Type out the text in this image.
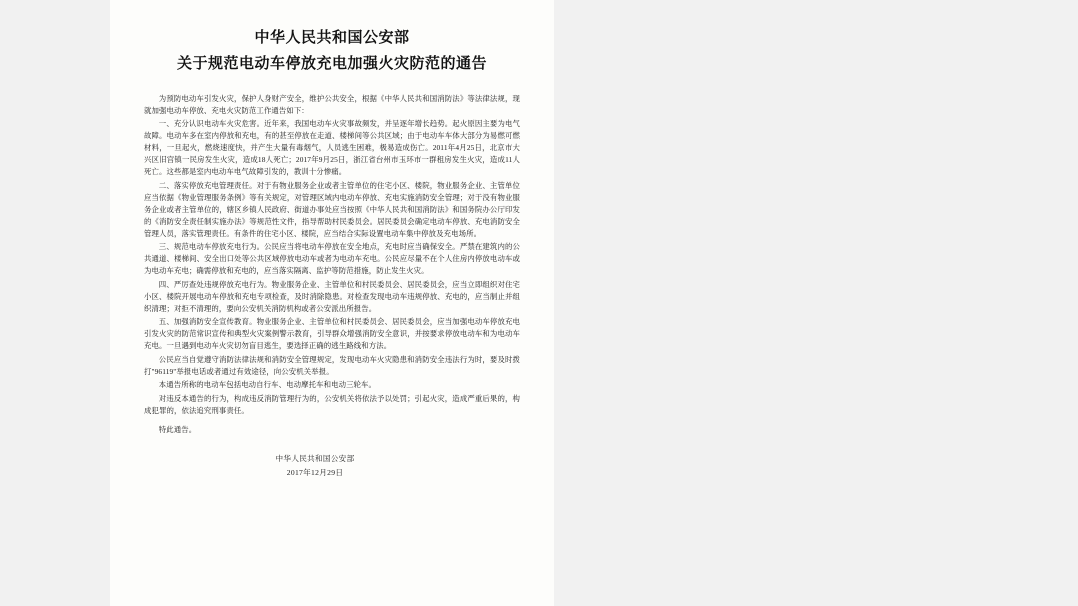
中华人民共和国公安部
关于规范电动车停放充电加强火灾防范的通告

为预防电动车引发火灾，保护人身财产安全，维护公共安全，根据《中华人民共和国消防法》等法律法规，现就加强电动车停放、充电火灾防范工作通告如下：

一、充分认识电动车火灾危害。近年来，我国电动车火灾事故频发，并呈逐年增长趋势。起火原因主要为电气故障。电动车多在室内停放和充电，有的甚至停放在走道、楼梯间等公共区域；由于电动车车体大部分为易燃可燃材料，一旦起火，燃烧速度快，并产生大量有毒烟气，人员逃生困难，极易造成伤亡。2011年4月25日，北京市大兴区旧宫镇一民房发生火灾，造成18人死亡；2017年9月25日，浙江省台州市玉环市一群租房发生火灾，造成11人死亡。这些都是室内电动车电气故障引发的，教训十分惨痛。

二、落实停放充电管理责任。对于有物业服务企业或者主管单位的住宅小区、楼院，物业服务企业、主管单位应当依据《物业管理服务条例》等有关规定，对管理区域内电动车停放、充电实施消防安全管理；对于没有物业服务企业或者主管单位的，辖区乡镇人民政府、街道办事处应当按照《中华人民共和国消防法》和国务院办公厅印发的《消防安全责任制实施办法》等规范性文件，指导帮助村民委员会。居民委员会确定电动车停放、充电消防安全管理人员，落实管理责任。有条件的住宅小区、楼院，应当结合实际设置电动车集中停放及充电场所。

三、规范电动车停放充电行为。公民应当将电动车停放在安全地点，充电时应当确保安全。严禁在建筑内的公共通道、楼梯间、安全出口处等公共区域停放电动车或者为电动车充电。公民应尽量不在个人住房内停放电动车或为电动车充电；确需停放和充电的，应当落实隔离、监护等防范措施，防止发生火灾。

四、严厉查处违规停放充电行为。物业服务企业、主管单位和村民委员会、居民委员会，应当立即组织对住宅小区、楼院开展电动车停放和充电专项检查，及时消除隐患。对检查发现电动车违规停放、充电的，应当制止并组织清理；对拒不清理的，要向公安机关消防机构或者公安派出所报告。

五、加强消防安全宣传教育。物业服务企业、主管单位和村民委员会、居民委员会，应当加强电动车停放充电引发火灾的防范常识宣传和典型火灾案例警示教育，引导群众增强消防安全意识，并按要求停放电动车和为电动车充电。一旦遇到电动车火灾切勿盲目逃生，要选择正确的逃生路线和方法。

公民应当自觉遵守消防法律法规和消防安全管理规定，发现电动车火灾隐患和消防安全违法行为时，要及时拨打"96119"举报电话或者通过有效途径，向公安机关举报。

本通告所称的电动车包括电动自行车、电动摩托车和电动三轮车。

对违反本通告的行为，构成违反消防管理行为的，公安机关将依法予以处罚；引起火灾，造成严重后果的，构成犯罪的，依法追究刑事责任。

特此通告。

中华人民共和国公安部
2017年12月29日
